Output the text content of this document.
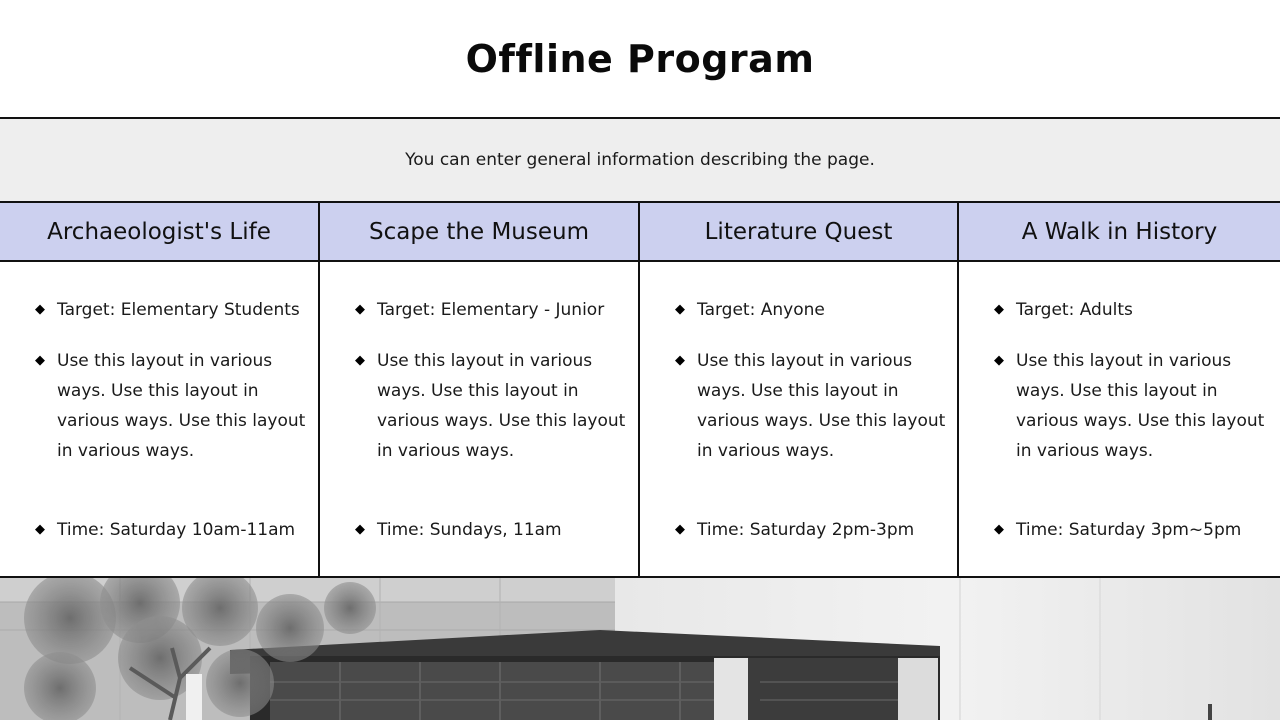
Offline Program
You can enter general information describing the page.
Archaeologist's Life
◆ Target: Elementary Students
◆ Use this layout in various ways. Use this layout in various ways. Use this layout in various ways.
◆ Time: Saturday 10am-11am
Scape the Museum
◆ Target: Elementary - Junior
◆ Use this layout in various ways. Use this layout in various ways. Use this layout in various ways.
◆ Time: Sundays, 11am
Literature Quest
◆ Target: Anyone
◆ Use this layout in various ways. Use this layout in various ways. Use this layout in various ways.
◆ Time: Saturday 2pm-3pm
A Walk in History
◆ Target: Adults
◆ Use this layout in various ways. Use this layout in various ways. Use this layout in various ways.
◆ Time: Saturday 3pm~5pm
